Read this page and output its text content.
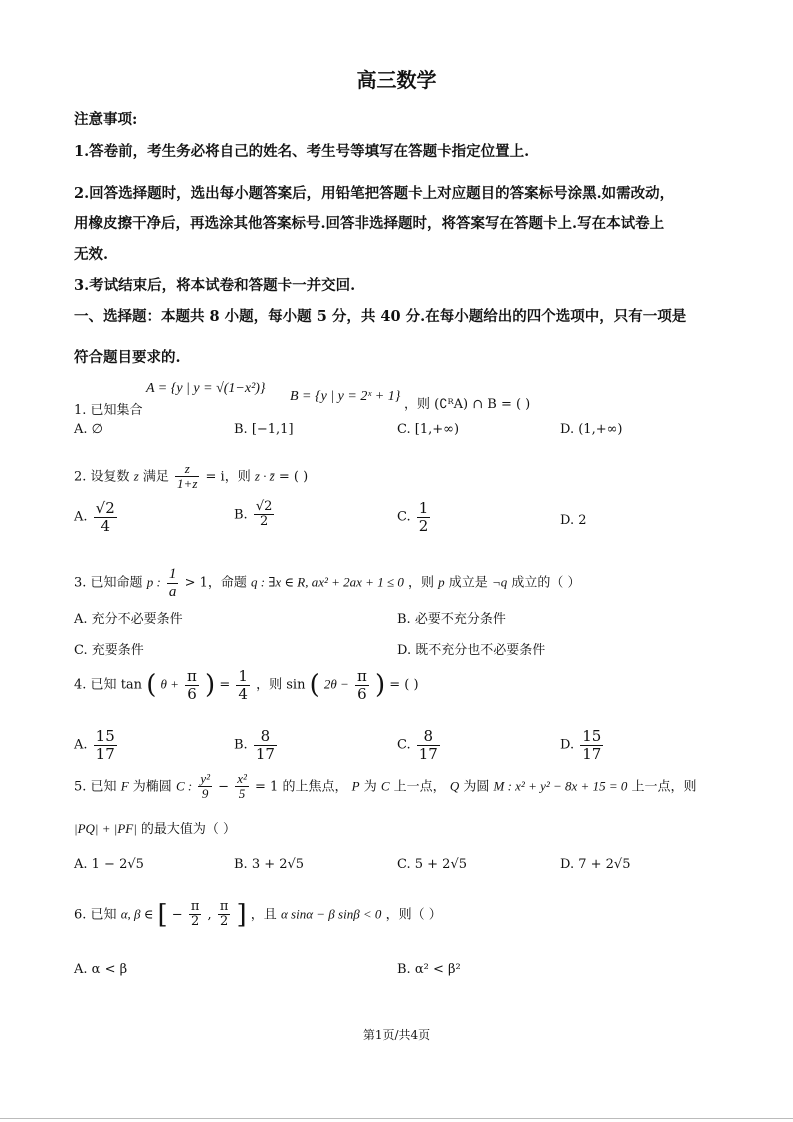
高三数学
注意事项:
1.答卷前，考生务必将自己的姓名、考生号等填写在答题卡指定位置上.
2.回答选择题时，选出每小题答案后，用铅笔把答题卡上对应题目的答案标号涂黑.如需改动，
用橡皮擦干净后，再选涂其他答案标号.回答非选择题时，将答案写在答题卡上.写在本试卷上
无效.
3.考试结束后，将本试卷和答题卡一并交回.
一、选择题：本题共 8 小题，每小题 5 分，共 40 分.在每小题给出的四个选项中，只有一项是
符合题目要求的.
1. 已知集合
A = {y | y = √(1−x²)}
B = {y | y = 2ˣ + 1}
，则 (∁ᴿA) ∩ B = ( )
A. ∅	B. [−1,1]	C. [1,+∞)	D. (1,+∞)
2. 设复数 z 满足 $\frac{z}{1+z} = i$，则 z · z̄ = ( )
A. $\frac{√2}{4}$	B. $\frac{√2}{2}$	C. $\frac{1}{2}$	D. 2
3. 已知命题 p : $\frac{1}{a} > 1$，命题 q : ∃x ∈ R, ax² + 2ax + 1 ≤ 0 ，则 p 成立是 ¬q 成立的（ ）
A. 充分不必要条件	B. 必要不充分条件
C. 充要条件	D. 既不充分也不必要条件
4. 已知 tan ( $\theta + \frac{\pi}{6}$ ) = $\frac{1}{4}$ ，则 sin ( $2\theta - \frac{\pi}{6}$ ) = ( )
A. $\frac{15}{17}$	B. $\frac{8}{17}$	C. $\frac{8}{17}$	D. $\frac{15}{17}$
5. 已知 F 为椭圆 C : $\frac{\text{y²}}{9} - \frac{\text{x²}}{5} = 1$ 的上焦点， P 为 C 上一点， Q 为圆 M : x² + y² − 8x + 15 = 0 上一点，则
|PQ| + |PF| 的最大值为（ ）
A. 1 − 2√5	B. 3 + 2√5	C. 5 + 2√5	D. 7 + 2√5
6. 已知 α, β ∈ [ − $\frac{\pi}{2}$ , $\frac{\pi}{2}$ ] ，且 α sinα − β sinβ < 0 ，则（ ）
A. α < β	B. α² < β²
第1页/共4页
